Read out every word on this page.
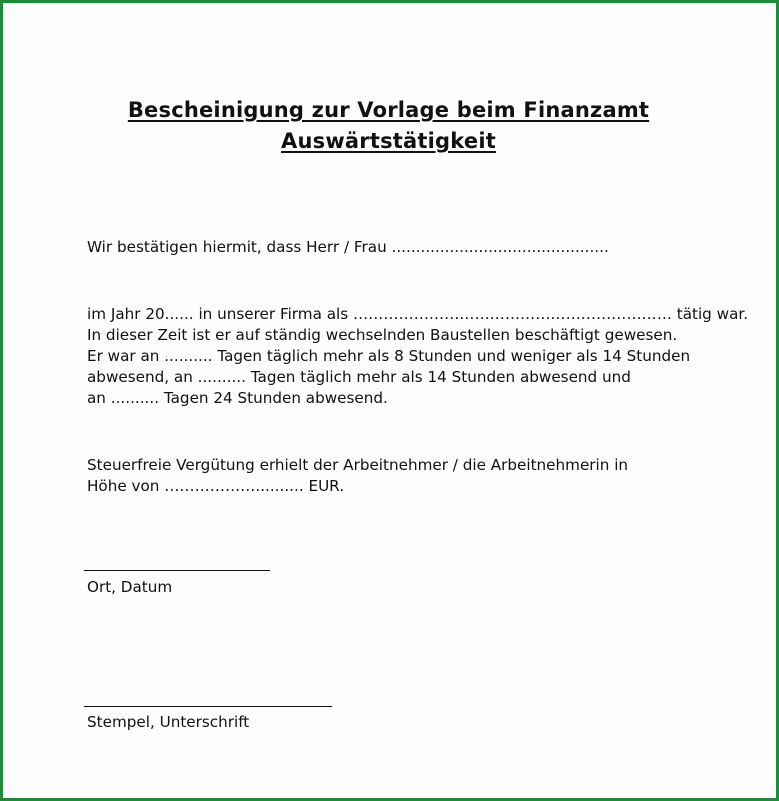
Bescheinigung zur Vorlage beim Finanzamt
Auswärtstätigkeit
Wir bestätigen hiermit, dass Herr / Frau .............................................
im Jahr 20...... in unserer Firma als ……………………………………………………… tätig war.
In dieser Zeit ist er auf ständig wechselnden Baustellen beschäftigt gewesen.
Er war an .......... Tagen täglich mehr als 8 Stunden und weniger als 14 Stunden
abwesend, an .......... Tagen täglich mehr als 14 Stunden abwesend und
an .......... Tagen 24 Stunden abwesend.
Steuerfreie Vergütung erhielt der Arbeitnehmer / die Arbeitnehmerin in
Höhe von ……………….......... EUR.
Ort, Datum
Stempel, Unterschrift
